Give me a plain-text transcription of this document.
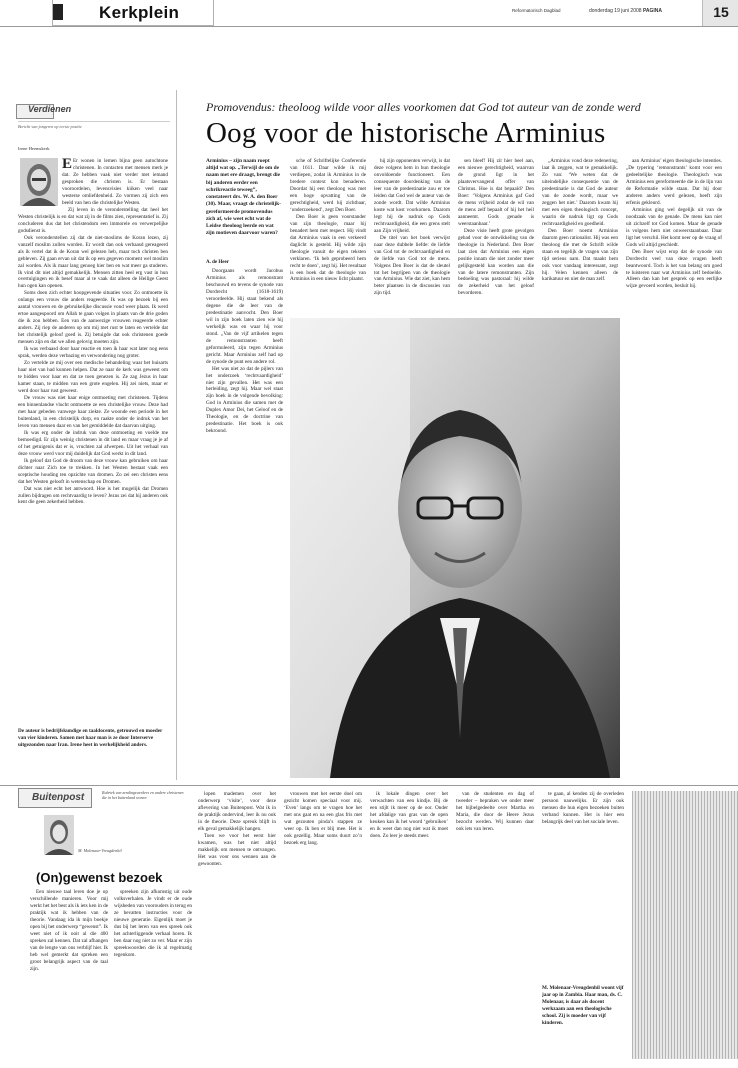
Kerkplein	Reformatorisch Dagblad	donderdag 19 juni 2008 PAGINA	15
Verdienen
Bericht van jongeren op eerste positie
Irene Heemskerk

E Er wonen in lemen bijna geen autochtone christenen. In contacten met mensen merk je dat. Ze hebben vaak niet verder met iemand gesproken die christen is. Er bestaan vooroordelen, levensvisies kiiken veel naar westerse omliefdenheid. Zo vormen zij zich een beeld van hen die christelijke Westen.

Zij leven in de veronderstelling dat heel het Westen christelijk is en dat wat zij in de films zien, representatief is. Zij concluderen dus dat het christendom een immorele en verwerpelijke godsdienst is.

Ook veronderstellen zij dat de niet-moslims de Koran lezen, zij vanzelf moslim zullen worden. Er wordt dan ook verbaasd gereageerd als ik vertel dat ik de Koran wel gelezen heb, maar toch christen ben gebleven. Zij gaan ervan uit dat ik op een gegeven moment wel moslim zal worden. Als ik maar lang genoeg hier ben en wat meer ga studeren. Ik vind dit niet altijd gemakkelijk. Mensen zitten heel erg vast in hun overtuigingen en ik besef maar al te vaak dat alleen de Heilige Geest hun ogen kan openen.

Soms doen zich echter hoopgevende situaties voor. Zo ontmoette ik onlangs een vrouw die anders reageerde. Ik was op bezoek bij een aantal vrouwen en de gebruikelijke discussie vond weer plaats. Ik werd ertoe aangespoord om Allah te gaan volgen in plaats van de drie goden die ik zou hebben. Een van de aanwezige vrouwen reageerde echter anders. Zij riep de anderen op om mij met rust te laten en vertelde dat het christelijk geloof goed is. Zij betuigde dat ook christenen goede mensen zijn en dat we allen gelovig moeten zijn.

Ik was verbaasd door haar reactie en toen ik haar wat later nog eens sprak, werden deze verbazing en verwondering nog groter.

Zo vertelde ze mij over een medische behandeling waar het huisarts haar niet van had kunnen helpen. Dat ze naar de kerk was geweest om te bidden voor haar en dat ze toen genezen is. Ze zag Jezus in haar kamer staan, te midden van een grote engelen. Hij zei niets, maar er werd door haar rust geweest.

De vrouw was niet haar enige ontmoeting met christenen. Tijdens een binnenlandse vlucht ontmoette ze een christelijke vrouw. Deze had met haar gebeden vanwege haar ziekte. Ze woonde een periode in het buitenland, in een christelijk dorp, en raakte onder de indruk van het leven van mensen daar en van het gemiddelde dat daarvan uitging.

Ik was erg onder de indruk van deze ontmoeting en voelde me bemoedigd. Er zijn weinig christenen in dit land en maar vraag je je af of het getuigenis dat er is, vruchten zal afwerpen. Uit het verhaal van deze vrouw werd voor mij duidelijk dat God werkt in dit land.

Ik geloof dat God de droom van deze vrouw kan gebruiken om haar dichter naar Zich toe te trekken. In het Westen bestaat vaak een sceptische houding ten opzichte van dromen. Zo zei een christen eens dat het Westen gelooft in wetenschap en Dromen.

Dat was niet echt het antwoord. Hoe is het mogelijk dat Dromen zullen bijdragen om rechtvaardig te leven? Jezus zei dat hij anderen ook kent die geen zekerheid hebben.

De auteur is bedrijfskundige en taaldocente, getrouwd en moeder van vier kinderen. Samen met haar man is ze door Interserve uitgezonden naar Iran. Irene heet in werkelijkheid anders.
Promovendus: theoloog wilde voor alles voorkomen dat God tot auteur van de zonde werd
Oog voor de historische Arminius
Arminius – zijn naam roept altijd wat op. „Terwijl de om de naam met ere draagt, brengt die bij anderen eerder een schrikreactie teweeg”, constateert drs. W. A. den Boer (30). Maar, vraagt de christelijk-gereformeerde promovendus zich af, wie weet echt wat de Leidse theoloog leerde en wat zijn motieven daarvoor waren?
A. de Heer

Doorgaans wordt Jacobus Arminius als remonstrant beschouwd en tevens de synode van Dordrecht (1618-1619) veroordeelde. Hij staat bekend als degene die de leer van de predestinatie aanvocht. Den Boer wil in zijn boek laten zien wie hij werkelijk was en waar hij voor stond. „Van de vijf artikelen tegen de remonstranten heeft geformuleerd, zijn tegen Arminius gericht. Maar Arminius zelf had op de synode de punt een andere rol.

Het was niet zo dat de pijlers van het onderzoek ‘rechtvaardigheid’ niet zijn gevallen. Het was een herleiding, zegt hij. Maar wel staat zijn boek in de volgende bevolking: God in Arminius die samen met de Duplex Amor Dei, het Geloof en de Theologie, en de doctrine van predestinatie. Het boek is ook bekroond.

sche of Schriftelijke Conferentie van 1611. Daar wilde ik mij verdiepen, zodat ik Arminius in de bredere context kon benaderen. Doordat hij een theoloog was met een hoge opvatting van de gerechtigheid, werd hij zichtbaar, ‘onderzoekend’, zegt Den Boer.

Den Boer is geen voorstander van zijn theologie, maar hij benadert hem met respect. Hij vindt dat Arminius vaak in een verkeerd daglicht is gesteld. Hij wilde zijn theologie vanuit de eigen teksten verklaren. ‘Ik heb geprobeerd hem recht te doen’, zegt hij. Het resultaat is een boek dat de theologie van Arminius in een nieuw licht plaatst.

hij zijn opponenten verwijt, is dat deze volgens hem in hun theologie onvoldoende functioneert. Een consequente doordenking van de leer van de predestinatie zou er toe leiden dat God wel de auteur van de zonde wordt. Dat wilde Arminius koste wat kost voorkomen. Daarom legt hij de nadruk op Gods rechtvaardigheid, die een grens stelt aan Zijn vrijheid.

De titel van het boek verwijst naar deze dubbele liefde: de liefde van God tot de rechtvaardigheid en de liefde van God tot de mens. Volgens Den Boer is dat de sleutel tot het begrijpen van de theologie van Arminius. Wie dat ziet, kan hem beter plaatsen in de discussies van zijn tijd.

sen bleef! Hij zit hier heel aan, een nieuwe gerechtigheid, waarvan de grond ligt in het plaatsvervangend offer van Christus. Hoe is dat bepaald? Den Boer: ‘Volgens Arminius gaf God de mens vrijheid zodat de wil van de mens zelf bepaalt of hij het heil aanneemt. Gods genade is weerstaanbaar.’

Deze visie heeft grote gevolgen gehad voor de ontwikkeling van de theologie in Nederland. Den Boer laat zien dat Arminius een eigen positie innam die niet zonder meer gelijkgesteld kan worden aan die van de latere remonstranten. Zijn bedoeling was pastoraal: hij wilde de zekerheid van het geloof bevorderen.

„Arminius vond deze redenering, laat ik zeggen, wat te gemakkelijk. Zo van: ‘We weten dat de uiteindelijke consequentie van de predestinatie is dat God de auteur van de zonde wordt, maar we zeggen het niet.’ Daarom kwam hij met een eigen theologisch concept, waarin de nadruk ligt op Gods rechtvaardigheid en goedheid.

Den Boer noemt Arminius daarom geen rationalist. Hij was een theoloog die met de Schrift wilde staan en tegelijk de vragen van zijn tijd serieus nam. Dat maakt hem ook voor vandaag interessant, zegt hij. Velen kennen alleen de karikatuur en niet de man zelf.

aan Arminius’ eigen theologische intenties. „De typering ‘remonstrants’ komt voor een gedeeltelijke theologie. Theologisch was Arminius een gereformeerde die in de lijn van de Reformatie wilde staan. Dat hij door anderen anders werd gelezen, heeft zijn erfenis gekleurd.

Arminius ging wel degelijk uit van de noodzaak van de genade. De mens kan niet uit zichzelf tot God komen. Maar de genade is volgens hem niet onweerstaanbaar. Daar ligt het verschil. Het komt neer op de vraag of Gods wil altijd geschiedt.

Den Boer wijst erop dat de synode van Dordrecht veel van deze vragen heeft beantwoord. Toch is het van belang om goed te luisteren naar wat Arminius zelf bedoelde. Alleen dan kan het gesprek op een eerlijke wijze gevoerd worden, besluit hij.

Buitenpost	Rubriek van zendingswerkers en andere christenen die in het buitenland wonen
M. Molenaar-Vreugdenhil
(On)gewenst bezoek

Een nieuwe taal leren doe je op verschillende manieren. Voor mij werkt het het best als ik iets ken in de praktijk wat ik hebben van de theorie. Vandaag ida ik mijn boekje open bij het onderwerp “gewenst”. Ik weet niet of ik ooit al die 400 spreken zal kennen. Dat zal afhangen van de lengte van ons verblijf hier. Ik heb wel gemerkt dat spreken een groot belangrijk aspect van de taal zijn.

spreeken zijn afkomstig uit oude volksverhalen. Je vindt er de oude wijsheden van voorouders in terug en ze bevatten instructies voor de nieuwe generatie. Eigenlijk moet je dus bij het leren van een spreek ook het achterliggende verhaal horen. Ik ben daar nog niet zo ver. Maar er zijn spreekwoorden die ik al regelmatig tegenkom.

lopen mademen over het onderwerp ‘visite’, voor deze aflevering van Buitenpost. Wat ik in de praktijk ondervind, leer ik nu ook in de theorie. Deze spreuk blijft in elk geval gemakkelijk hangen.

Toen we voor het eerst hier kwamen, was het niet altijd makkelijk om mensen te ontvangen. Het was voor ons wennen aan de gewoonten.

vrouwen met het eerste doel om gezicht komen speciaal voor mij. ‘Even’ langs om te vragen hoe het met ons gaat en na een glas fris met wat gezouten pinda’s stappen ze weer op. Ik ben er blij mee. Het is ook gezellig. Maar soms duurt zo’n bezoek erg lang.

ik lokale dingen over het verwachten van een kindje. Bij de een stijlt ik meer op de oor. Onder het afdalige van gras van de open keuken kan ik het woord ‘gebruiken’ en ik weet dan nog niet wat ik moet doen. Zo leer je steeds meer.

van de studenten en dag of tweeder – bepraken we onder meer het bijbelgedeelte over Martha en Maria, die door de Heere Jezus bezocht werden. Wij kunnen daar ook iets van leren.

te gaan, al kenden zij de overleden persoon nauwelijks. Er zijn ook mensen die hun eigen bezoeken buiten verband kunnen. Het is hier een belangrijk deel van het sociale leven.

M. Molenaar-Vreugdenhil woont vijf jaar op in Zambia. Haar man, ds. C. Molenaar, is daar als docent werkzaam aan een theologische school. Zij is moeder van vijf kinderen.
